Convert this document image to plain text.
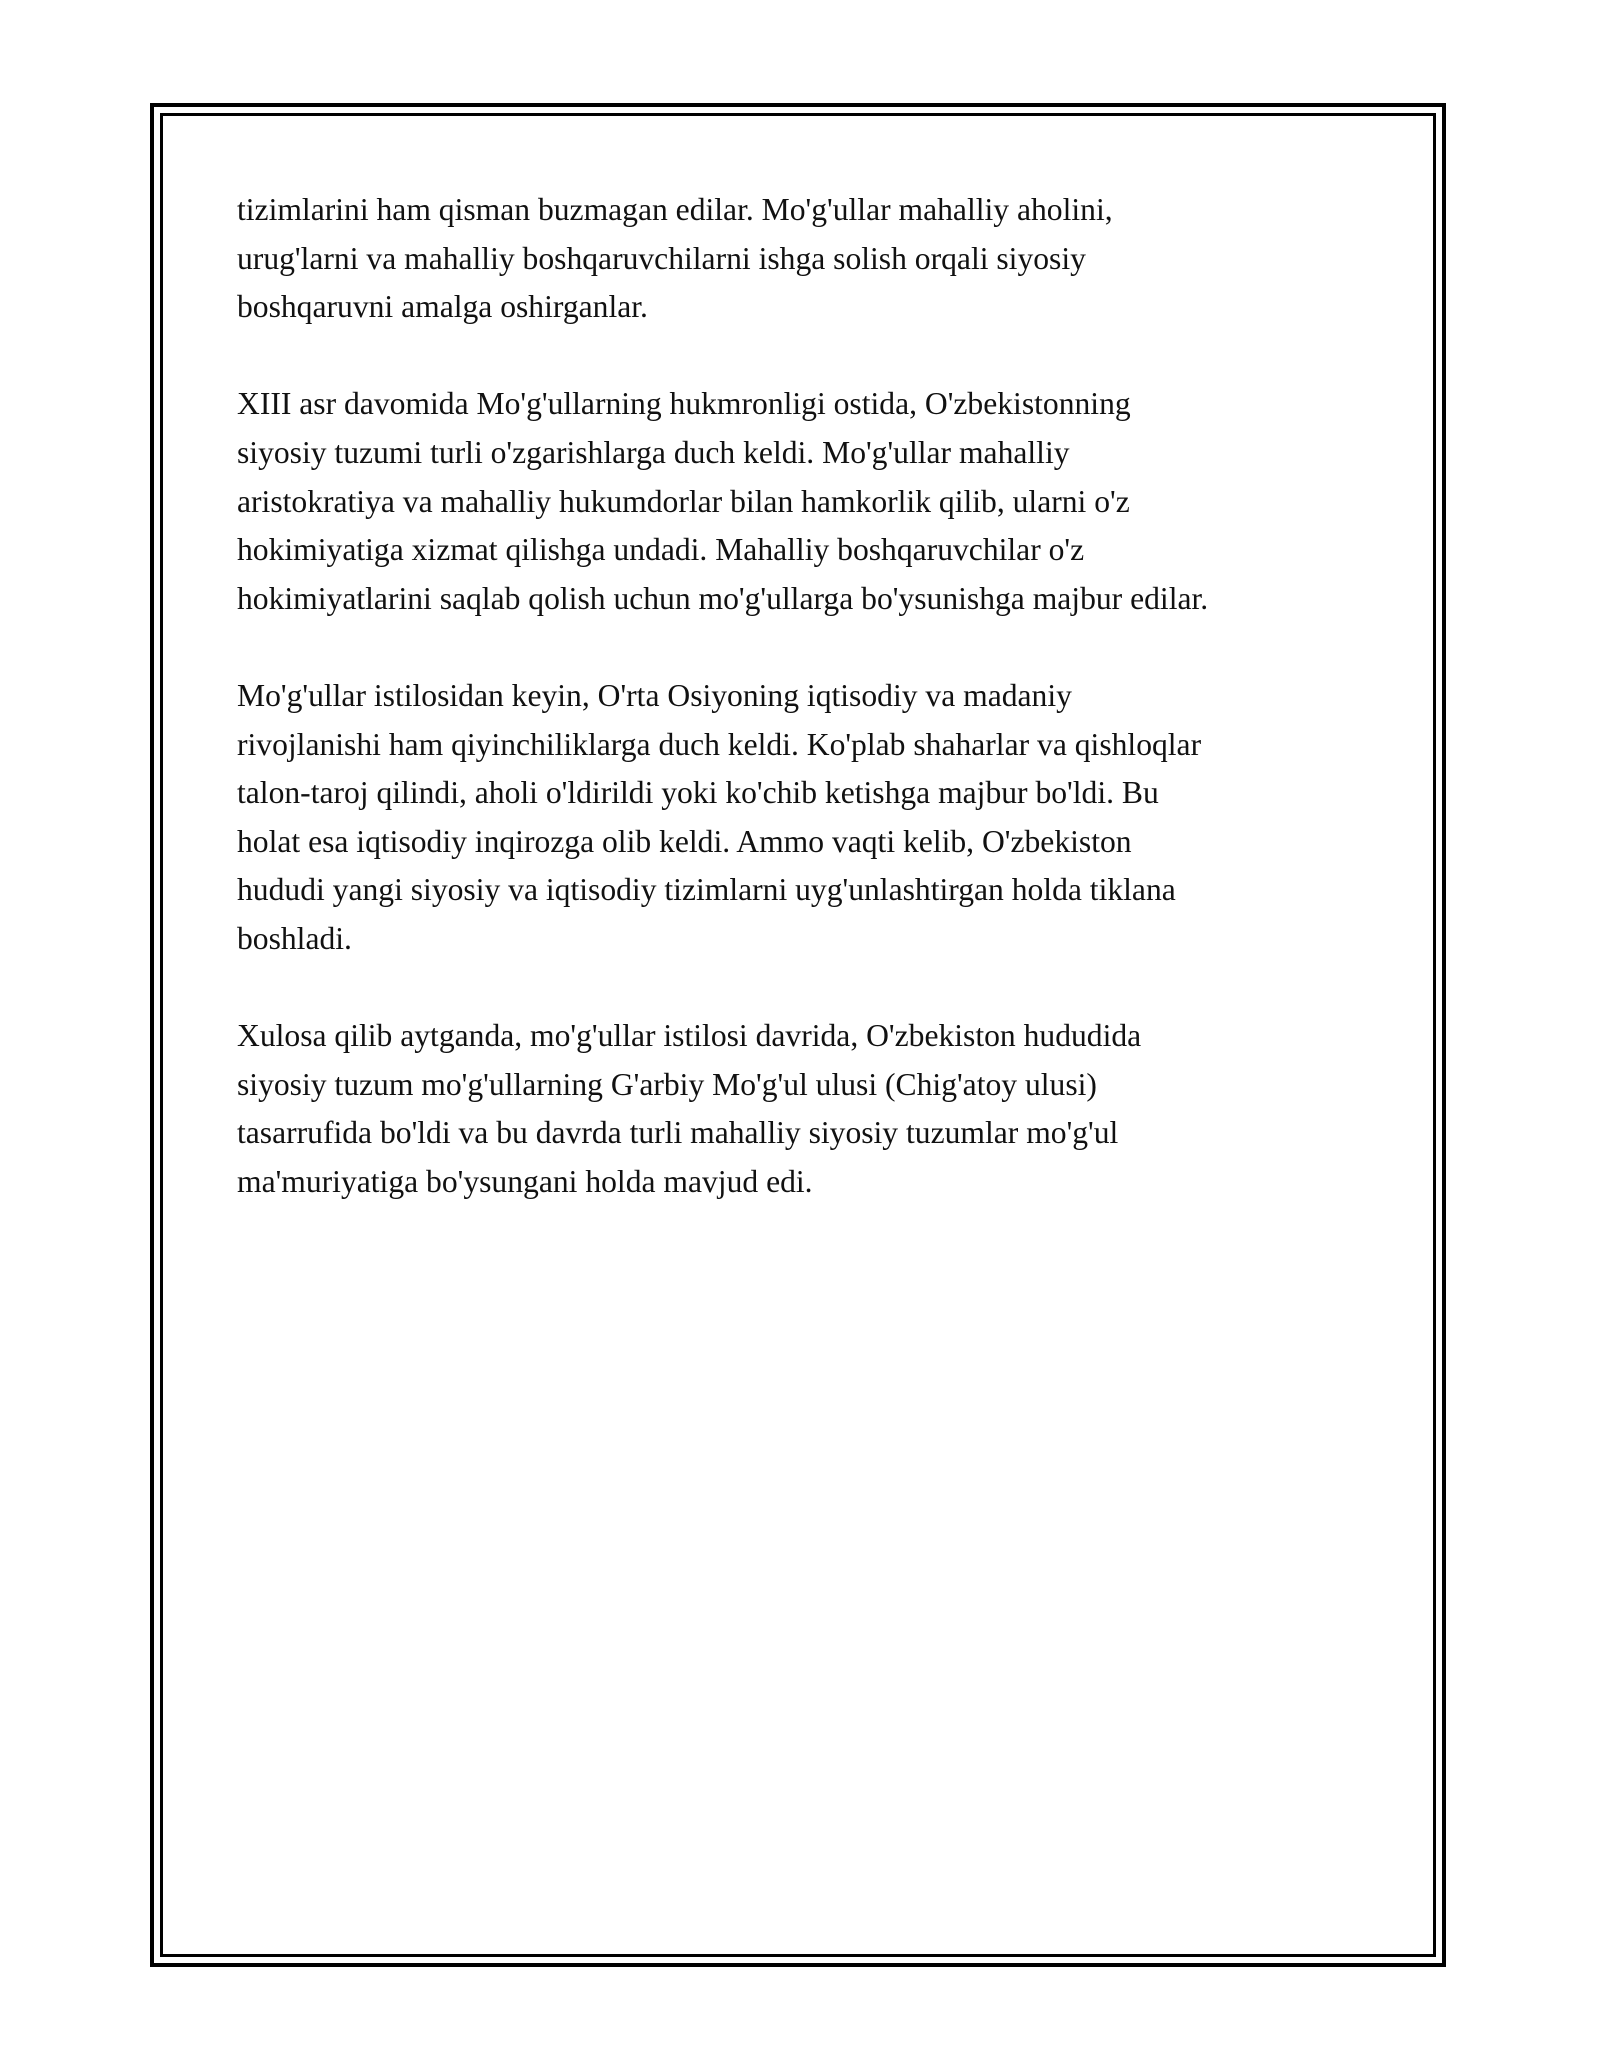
tizimlarini ham qisman buzmagan edilar. Mo'g'ullar mahalliy aholini,
urug'larni va mahalliy boshqaruvchilarni ishga solish orqali siyosiy
boshqaruvni amalga oshirganlar.

XIII asr davomida Mo'g'ullarning hukmronligi ostida, O'zbekistonning
siyosiy tuzumi turli o'zgarishlarga duch keldi. Mo'g'ullar mahalliy
aristokratiya va mahalliy hukumdorlar bilan hamkorlik qilib, ularni o'z
hokimiyatiga xizmat qilishga undadi. Mahalliy boshqaruvchilar o'z
hokimiyatlarini saqlab qolish uchun mo'g'ullarga bo'ysunishga majbur edilar.

Mo'g'ullar istilosidan keyin, O'rta Osiyoning iqtisodiy va madaniy
rivojlanishi ham qiyinchiliklarga duch keldi. Ko'plab shaharlar va qishloqlar
talon-taroj qilindi, aholi o'ldirildi yoki ko'chib ketishga majbur bo'ldi. Bu
holat esa iqtisodiy inqirozga olib keldi. Ammo vaqti kelib, O'zbekiston
hududi yangi siyosiy va iqtisodiy tizimlarni uyg'unlashtirgan holda tiklana
boshladi.

Xulosa qilib aytganda, mo'g'ullar istilosi davrida, O'zbekiston hududida
siyosiy tuzum mo'g'ullarning G'arbiy Mo'g'ul ulusi (Chig'atoy ulusi)
tasarrufida bo'ldi va bu davrda turli mahalliy siyosiy tuzumlar mo'g'ul
ma'muriyatiga bo'ysungani holda mavjud edi.
